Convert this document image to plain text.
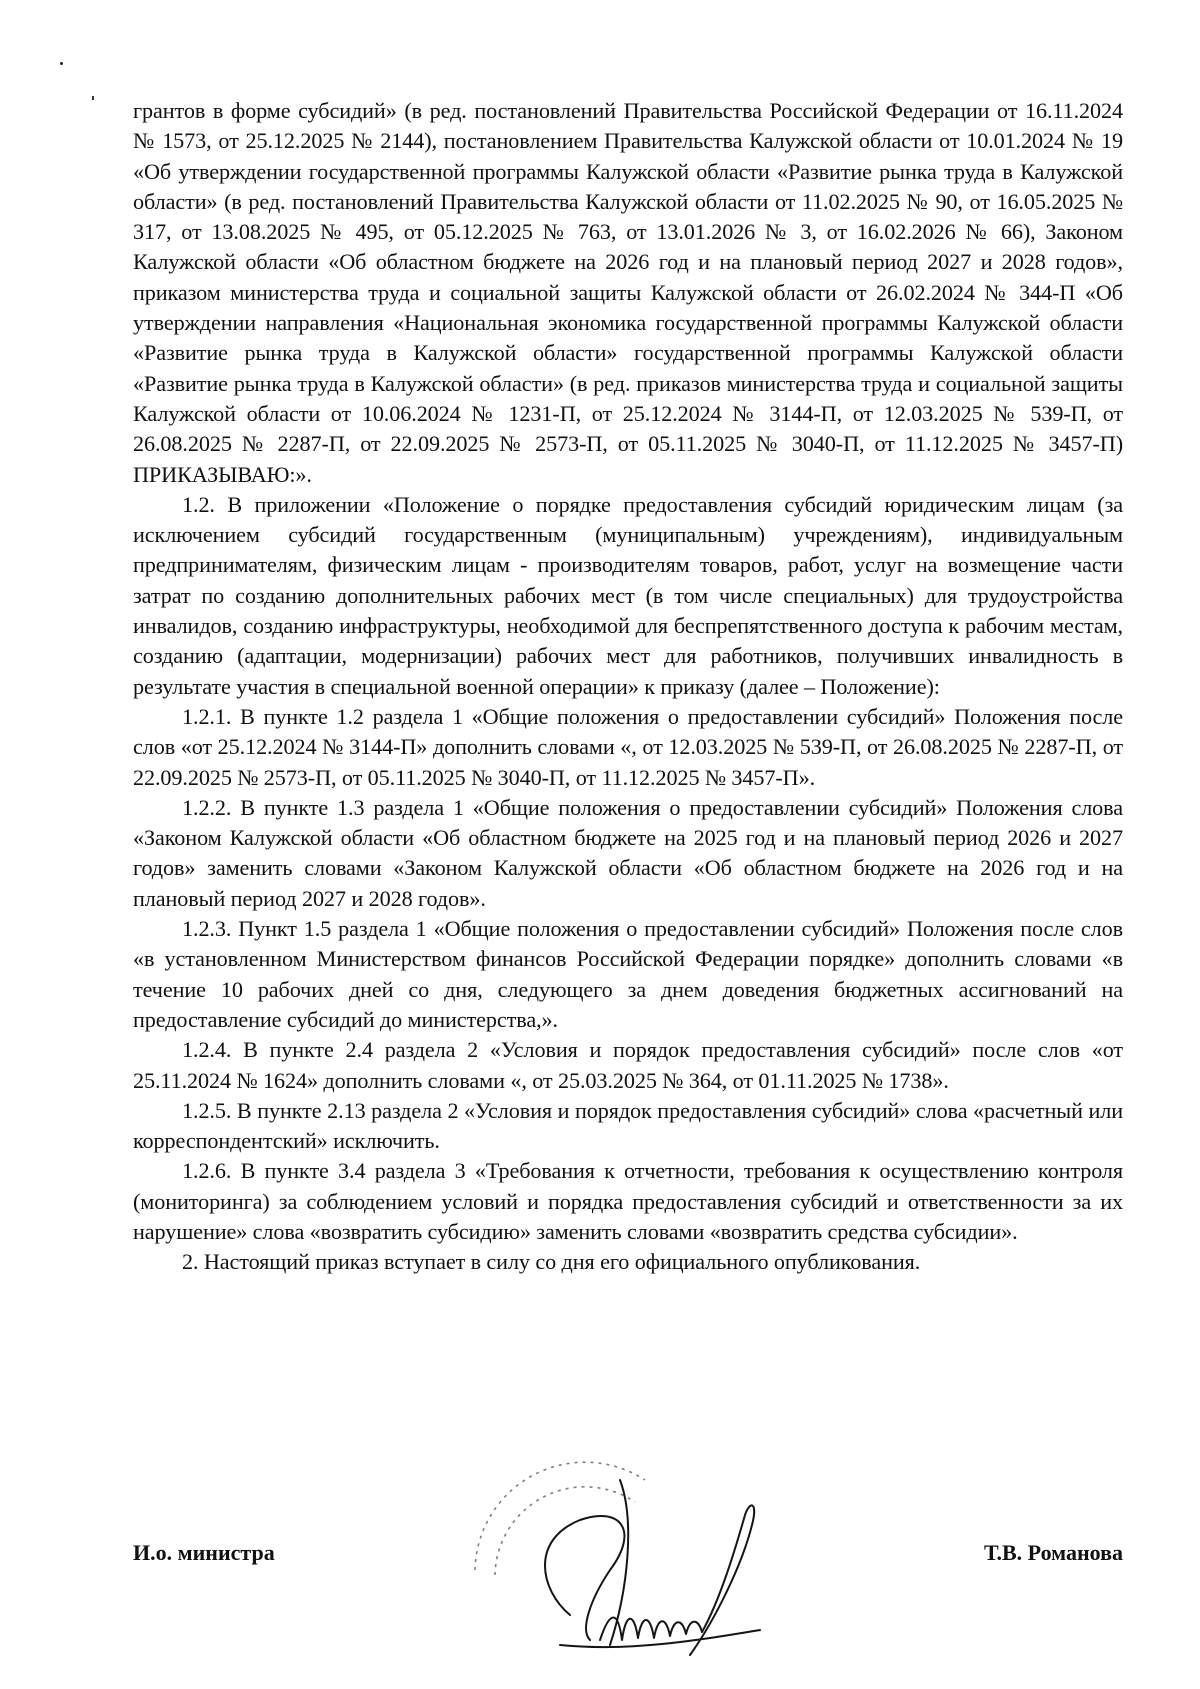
грантов в форме субсидий» (в ред. постановлений Правительства Российской Федерации от 16.11.2024 № 1573, от 25.12.2025 № 2144), постановлением Правительства Калужской области от 10.01.2024 № 19 «Об утверждении государственной программы Калужской области «Развитие рынка труда в Калужской области» (в ред. постановлений Правительства Калужской области от 11.02.2025 № 90, от 16.05.2025 № 317, от 13.08.2025 № 495, от 05.12.2025 № 763, от 13.01.2026 № 3, от 16.02.2026 № 66), Законом Калужской области «Об областном бюджете на 2026 год и на плановый период 2027 и 2028 годов», приказом министерства труда и социальной защиты Калужской области от 26.02.2024 № 344-П «Об утверждении направления «Национальная экономика государственной программы Калужской области «Развитие рынка труда в Калужской области» государственной программы Калужской области «Развитие рынка труда в Калужской области» (в ред. приказов министерства труда и социальной защиты Калужской области от 10.06.2024 № 1231-П, от 25.12.2024 № 3144-П, от 12.03.2025 № 539-П, от 26.08.2025 № 2287-П, от 22.09.2025 № 2573-П, от 05.11.2025 № 3040-П, от 11.12.2025 № 3457-П) ПРИКАЗЫВАЮ:».

1.2. В приложении «Положение о порядке предоставления субсидий юридическим лицам (за исключением субсидий государственным (муниципальным) учреждениям), индивидуальным предпринимателям, физическим лицам - производителям товаров, работ, услуг на возмещение части затрат по созданию дополнительных рабочих мест (в том числе специальных) для трудоустройства инвалидов, созданию инфраструктуры, необходимой для беспрепятственного доступа к рабочим местам, созданию (адаптации, модернизации) рабочих мест для работников, получивших инвалидность в результате участия в специальной военной операции» к приказу (далее – Положение):

1.2.1. В пункте 1.2 раздела 1 «Общие положения о предоставлении субсидий» Положения после слов «от 25.12.2024 № 3144-П» дополнить словами «, от 12.03.2025 № 539-П, от 26.08.2025 № 2287-П, от 22.09.2025 № 2573-П, от 05.11.2025 № 3040-П, от 11.12.2025 № 3457-П».

1.2.2. В пункте 1.3 раздела 1 «Общие положения о предоставлении субсидий» Положения слова «Законом Калужской области «Об областном бюджете на 2025 год и на плановый период 2026 и 2027 годов» заменить словами «Законом Калужской области «Об областном бюджете на 2026 год и на плановый период 2027 и 2028 годов».

1.2.3. Пункт 1.5 раздела 1 «Общие положения о предоставлении субсидий» Положения после слов «в установленном Министерством финансов Российской Федерации порядке» дополнить словами «в течение 10 рабочих дней со дня, следующего за днем доведения бюджетных ассигнований на предоставление субсидий до министерства,».

1.2.4. В пункте 2.4 раздела 2 «Условия и порядок предоставления субсидий» после слов «от 25.11.2024 № 1624» дополнить словами «, от 25.03.2025 № 364, от 01.11.2025 № 1738».

1.2.5. В пункте 2.13 раздела 2 «Условия и порядок предоставления субсидий» слова «расчетный или корреспондентский» исключить.

1.2.6. В пункте 3.4 раздела 3 «Требования к отчетности, требования к осуществлению контроля (мониторинга) за соблюдением условий и порядка предоставления субсидий и ответственности за их нарушение» слова «возвратить субсидию» заменить словами «возвратить средства субсидии».

2. Настоящий приказ вступает в силу со дня его официального опубликования.

И.о. министра	Т.В. Романова
